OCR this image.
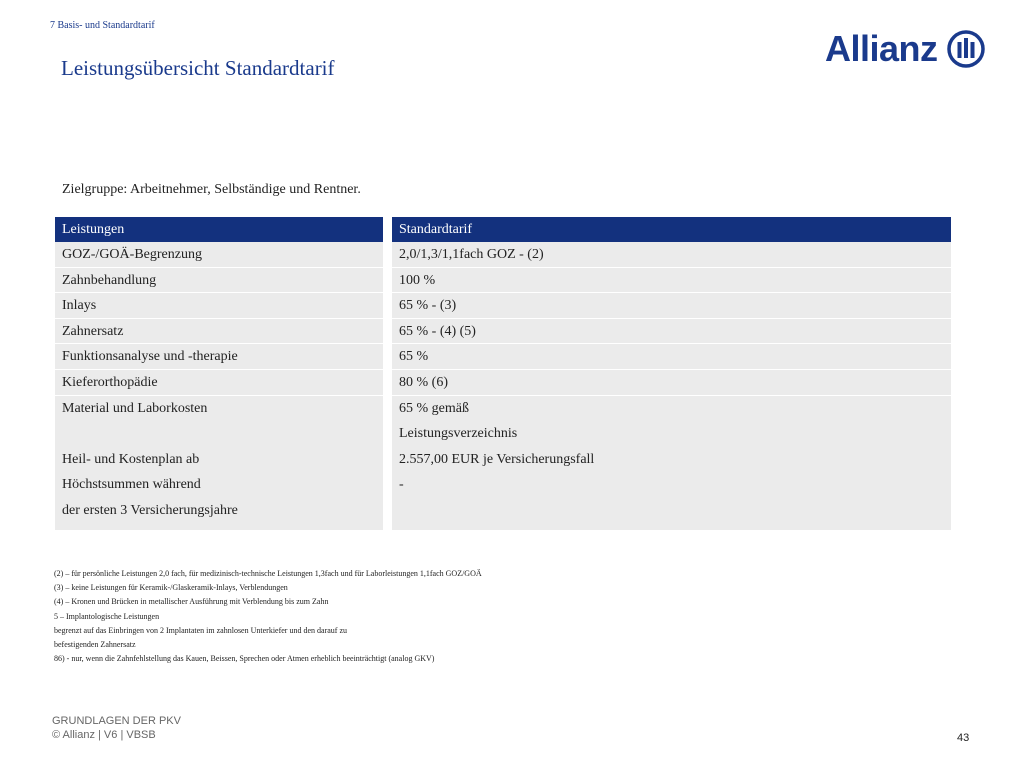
7 Basis- und Standardtarif
Leistungsübersicht Standardtarif	Allianz
Zielgruppe: Arbeitnehmer, Selbständige und Rentner.
Leistungen
GOZ-/GOÄ-Begrenzung
Zahnbehandlung
Inlays
Zahnersatz
Funktionsanalyse und -therapie
Kieferorthopädie
Material und Laborkosten
Heil- und Kostenplan ab
Höchstsummen während
der ersten 3 Versicherungsjahre
Standardtarif
2,0/1,3/1,1fach GOZ - (2)
100 %
65 % - (3)
65 % - (4) (5)
65 %
80 % (6)
65 % gemäß
Leistungsverzeichnis
2.557,00 EUR je Versicherungsfall
-
(2) – für persönliche Leistungen 2,0 fach, für medizinisch-technische Leistungen 1,3fach und für Laborleistungen 1,1fach GOZ/GOÄ
(3) – keine Leistungen für Keramik-/Glaskeramik-Inlays, Verblendungen
(4) – Kronen und Brücken in metallischer Ausführung mit Verblendung bis zum Zahn
5 – Implantologische Leistungen
begrenzt auf das Einbringen von 2 Implantaten im zahnlosen Unterkiefer und den darauf zu
befestigenden Zahnersatz
86) - nur, wenn die Zahnfehlstellung das Kauen, Beissen, Sprechen oder Atmen erheblich beeinträchtigt (analog GKV)
GRUNDLAGEN DER PKV
© Allianz | V6 | VBSB	43
